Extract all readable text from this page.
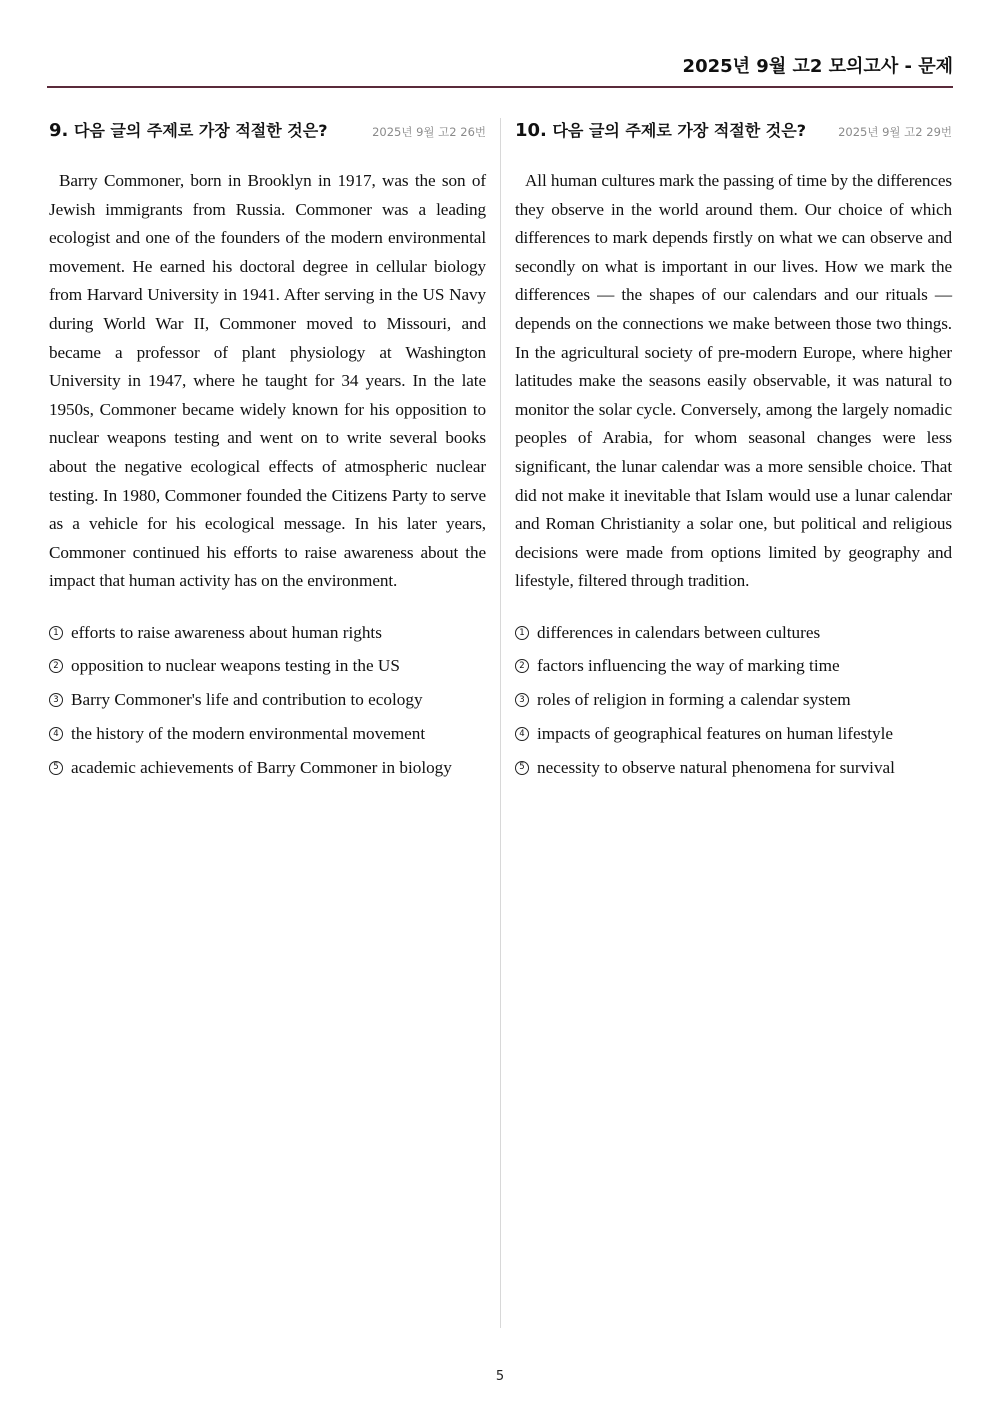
2025년 9월 고2 모의고사 - 문제
9. 다음 글의 주제로 가장 적절한 것은?	2025년 9월 고2 26번

Barry Commoner, born in Brooklyn in 1917, was the son of Jewish immigrants from Russia. Commoner was a leading ecologist and one of the founders of the modern environmental movement. He earned his doctoral degree in cellular biology from Harvard University in 1941. After serving in the US Navy during World War II, Commoner moved to Missouri, and became a professor of plant physiology at Washington University in 1947, where he taught for 34 years. In the late 1950s, Commoner became widely known for his opposition to nuclear weapons testing and went on to write several books about the negative ecological effects of atmospheric nuclear testing. In 1980, Commoner founded the Citizens Party to serve as a vehicle for his ecological message. In his later years, Commoner continued his efforts to raise awareness about the impact that human activity has on the environment.

1 efforts to raise awareness about human rights
2 opposition to nuclear weapons testing in the US
3 Barry Commoner's life and contribution to ecology
4 the history of the modern environmental movement
5 academic achievements of Barry Commoner in biology
10. 다음 글의 주제로 가장 적절한 것은?	2025년 9월 고2 29번

All human cultures mark the passing of time by the differences they observe in the world around them. Our choice of which differences to mark depends firstly on what we can observe and secondly on what is important in our lives. How we mark the differences — the shapes of our calendars and our rituals — depends on the connections we make between those two things. In the agricultural society of pre-modern Europe, where higher latitudes make the seasons easily observable, it was natural to monitor the solar cycle. Conversely, among the largely nomadic peoples of Arabia, for whom seasonal changes were less significant, the lunar calendar was a more sensible choice. That did not make it inevitable that Islam would use a lunar calendar and Roman Christianity a solar one, but political and religious decisions were made from options limited by geography and lifestyle, filtered through tradition.

1 differences in calendars between cultures
2 factors influencing the way of marking time
3 roles of religion in forming a calendar system
4 impacts of geographical features on human lifestyle
5 necessity to observe natural phenomena for survival
5
